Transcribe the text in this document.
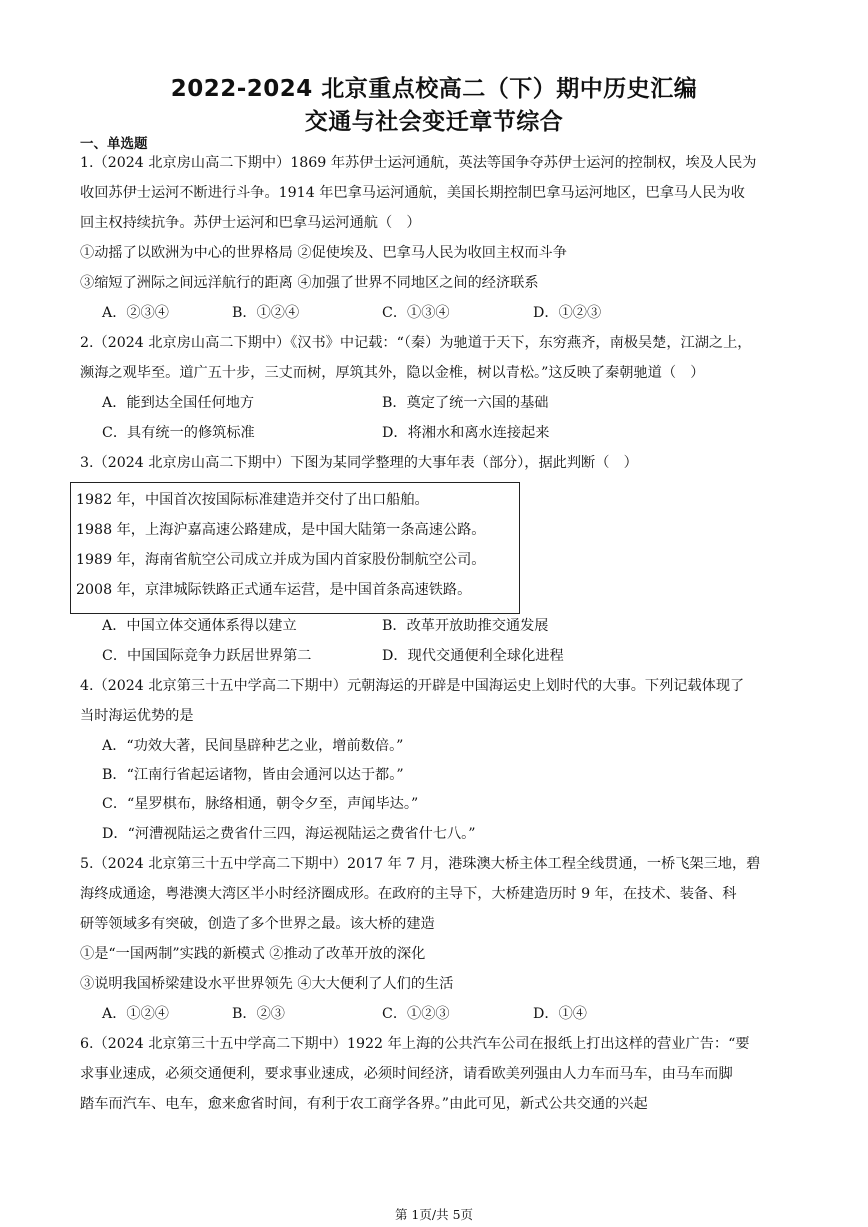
2022-2024 北京重点校高二（下）期中历史汇编
交通与社会变迁章节综合
一、单选题
1.（2024 北京房山高二下期中）1869 年苏伊士运河通航，英法等国争夺苏伊士运河的控制权，埃及人民为
收回苏伊士运河不断进行斗争。1914 年巴拿马运河通航，美国长期控制巴拿马运河地区，巴拿马人民为收
回主权持续抗争。苏伊士运河和巴拿马运河通航（　）
①动摇了以欧洲为中心的世界格局 ②促使埃及、巴拿马人民为收回主权而斗争
③缩短了洲际之间远洋航行的距离 ④加强了世界不同地区之间的经济联系
A．②③④	B．①②④	C．①③④	D．①②③
2.（2024 北京房山高二下期中）《汉书》中记载：“（秦）为驰道于天下，东穷燕齐，南极吴楚，江湖之上，
濒海之观毕至。道广五十步，三丈而树，厚筑其外，隐以金椎，树以青松。”这反映了秦朝驰道（　）
A．能到达全国任何地方	B．奠定了统一六国的基础
C．具有统一的修筑标准	D．将湘水和离水连接起来
3.（2024 北京房山高二下期中）下图为某同学整理的大事年表（部分），据此判断（　）
1982 年，中国首次按国际标准建造并交付了出口船舶。
1988 年，上海沪嘉高速公路建成，是中国大陆第一条高速公路。
1989 年，海南省航空公司成立并成为国内首家股份制航空公司。
2008 年，京津城际铁路正式通车运营，是中国首条高速铁路。
A．中国立体交通体系得以建立	B．改革开放助推交通发展
C．中国国际竞争力跃居世界第二	D．现代交通便利全球化进程
4.（2024 北京第三十五中学高二下期中）元朝海运的开辟是中国海运史上划时代的大事。下列记载体现了
当时海运优势的是
A．“功效大著，民间垦辟种艺之业，增前数倍。”
B．“江南行省起运诸物，皆由会通河以达于都。”
C．“星罗棋布，脉络相通，朝令夕至，声闻毕达。”
D．“河漕视陆运之费省什三四，海运视陆运之费省什七八。”
5.（2024 北京第三十五中学高二下期中）2017 年 7 月，港珠澳大桥主体工程全线贯通，一桥飞架三地，碧
海终成通途，粤港澳大湾区半小时经济圈成形。在政府的主导下，大桥建造历时 9 年，在技术、装备、科
研等领域多有突破，创造了多个世界之最。该大桥的建造
①是“一国两制”实践的新模式 ②推动了改革开放的深化
③说明我国桥梁建设水平世界领先 ④大大便利了人们的生活
A．①②④	B．②③	C．①②③	D．①④
6.（2024 北京第三十五中学高二下期中）1922 年上海的公共汽车公司在报纸上打出这样的营业广告：“要
求事业速成，必须交通便利，要求事业速成，必须时间经济，请看欧美列强由人力车而马车，由马车而脚
踏车而汽车、电车，愈来愈省时间，有利于农工商学各界。”由此可见，新式公共交通的兴起
第 1页/共 5页
